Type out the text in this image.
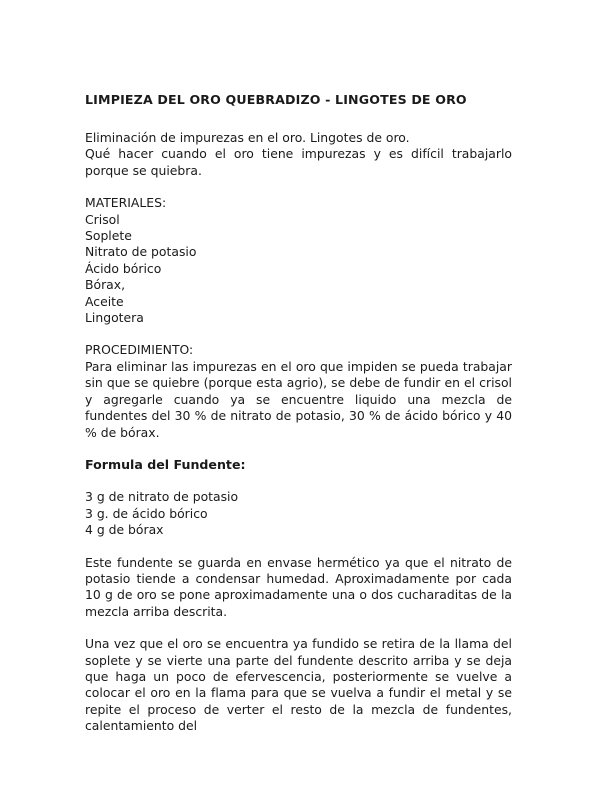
LIMPIEZA DEL ORO QUEBRADIZO - LINGOTES DE ORO
Eliminación de impurezas en el oro. Lingotes de oro.

Qué hacer cuando el oro tiene impurezas y es difícil trabajarlo porque se quiebra.

MATERIALES:
Crisol
Soplete
Nitrato de potasio
Ácido bórico
Bórax,
Aceite
Lingotera
PROCEDIMIENTO:

Para eliminar las impurezas en el oro que impiden se pueda trabajar sin que se quiebre (porque esta agrio), se debe de fundir en el crisol y agregarle cuando ya se encuentre liquido una mezcla de fundentes del 30 % de nitrato de potasio, 30 % de ácido bórico y 40 % de bórax.

Formula del Fundente:
3 g de nitrato de potasio
3 g. de ácido bórico
4 g de bórax

Este fundente se guarda en envase hermético ya que el nitrato de potasio tiende a condensar humedad. Aproximadamente por cada 10 g de oro se pone aproximadamente una o dos cucharaditas de la mezcla arriba descrita.

Una vez que el oro se encuentra ya fundido se retira de la llama del soplete y se vierte una parte del fundente descrito arriba y se deja que haga un poco de efervescencia, posteriormente se vuelve a colocar el oro en la flama para que se vuelva a fundir el metal y se repite el proceso de verter el resto de la mezcla de fundentes, calentamiento del
